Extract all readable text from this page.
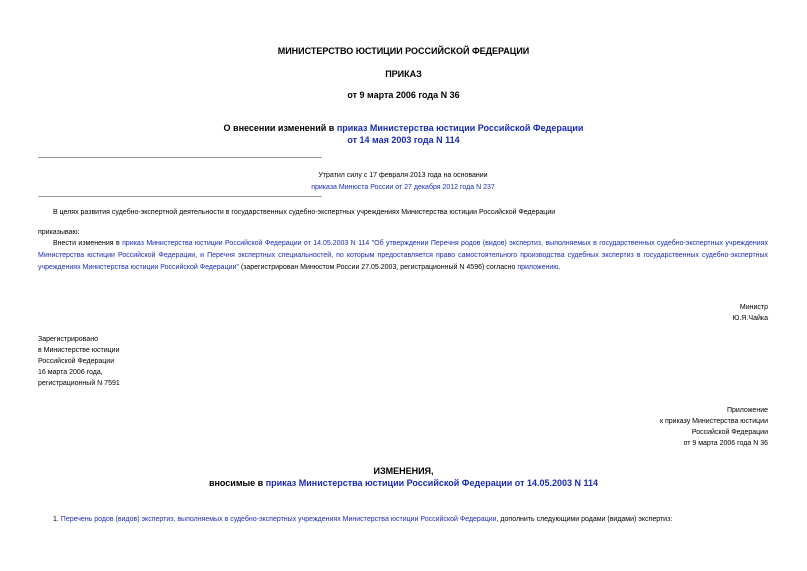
МИНИСТЕРСТВО ЮСТИЦИИ РОССИЙСКОЙ ФЕДЕРАЦИИ
ПРИКАЗ
от 9 марта 2006 года N 36
О внесении изменений в приказ Министерства юстиции Российской Федерации
от 14 мая 2003 года N 114
Утратил силу с 17 февраля 2013 года на основании
приказа Минюста России от 27 декабря 2012 года N 237
В целях развития судебно-экспертной деятельности в государственных судебно-экспертных учреждениях Министерства юстиции Российской Федерации
приказываю:
Внести изменения в приказ Министерства юстиции Российской Федерации от 14.05.2003 N 114 "Об утверждении Перечня родов (видов) экспертиз, выполняемых в государственных судебно-экспертных учреждениях Министерства юстиции Российской Федерации, и Перечня экспертных специальностей, по которым предоставляется право самостоятельного производства судебных экспертиз в государственных судебно-экспертных учреждениях Министерства юстиции Российской Федерации" (зарегистрирован Минюстом России 27.05.2003, регистрационный N 4596) согласно приложению.
Министр
Ю.Я.Чайка
Зарегистрировано
в Министерстве юстиции
Российской Федерации
16 марта 2006 года,
регистрационный N 7591
Приложение
к приказу Министерства юстиции
Российской Федерации
от 9 марта 2006 года N 36
ИЗМЕНЕНИЯ,
вносимые в приказ Министерства юстиции Российской Федерации от 14.05.2003 N 114
1. Перечень родов (видов) экспертиз, выполняемых в судебно-экспертных учреждениях Министерства юстиции Российской Федерации, дополнить следующими родами (видами) экспертиз:
